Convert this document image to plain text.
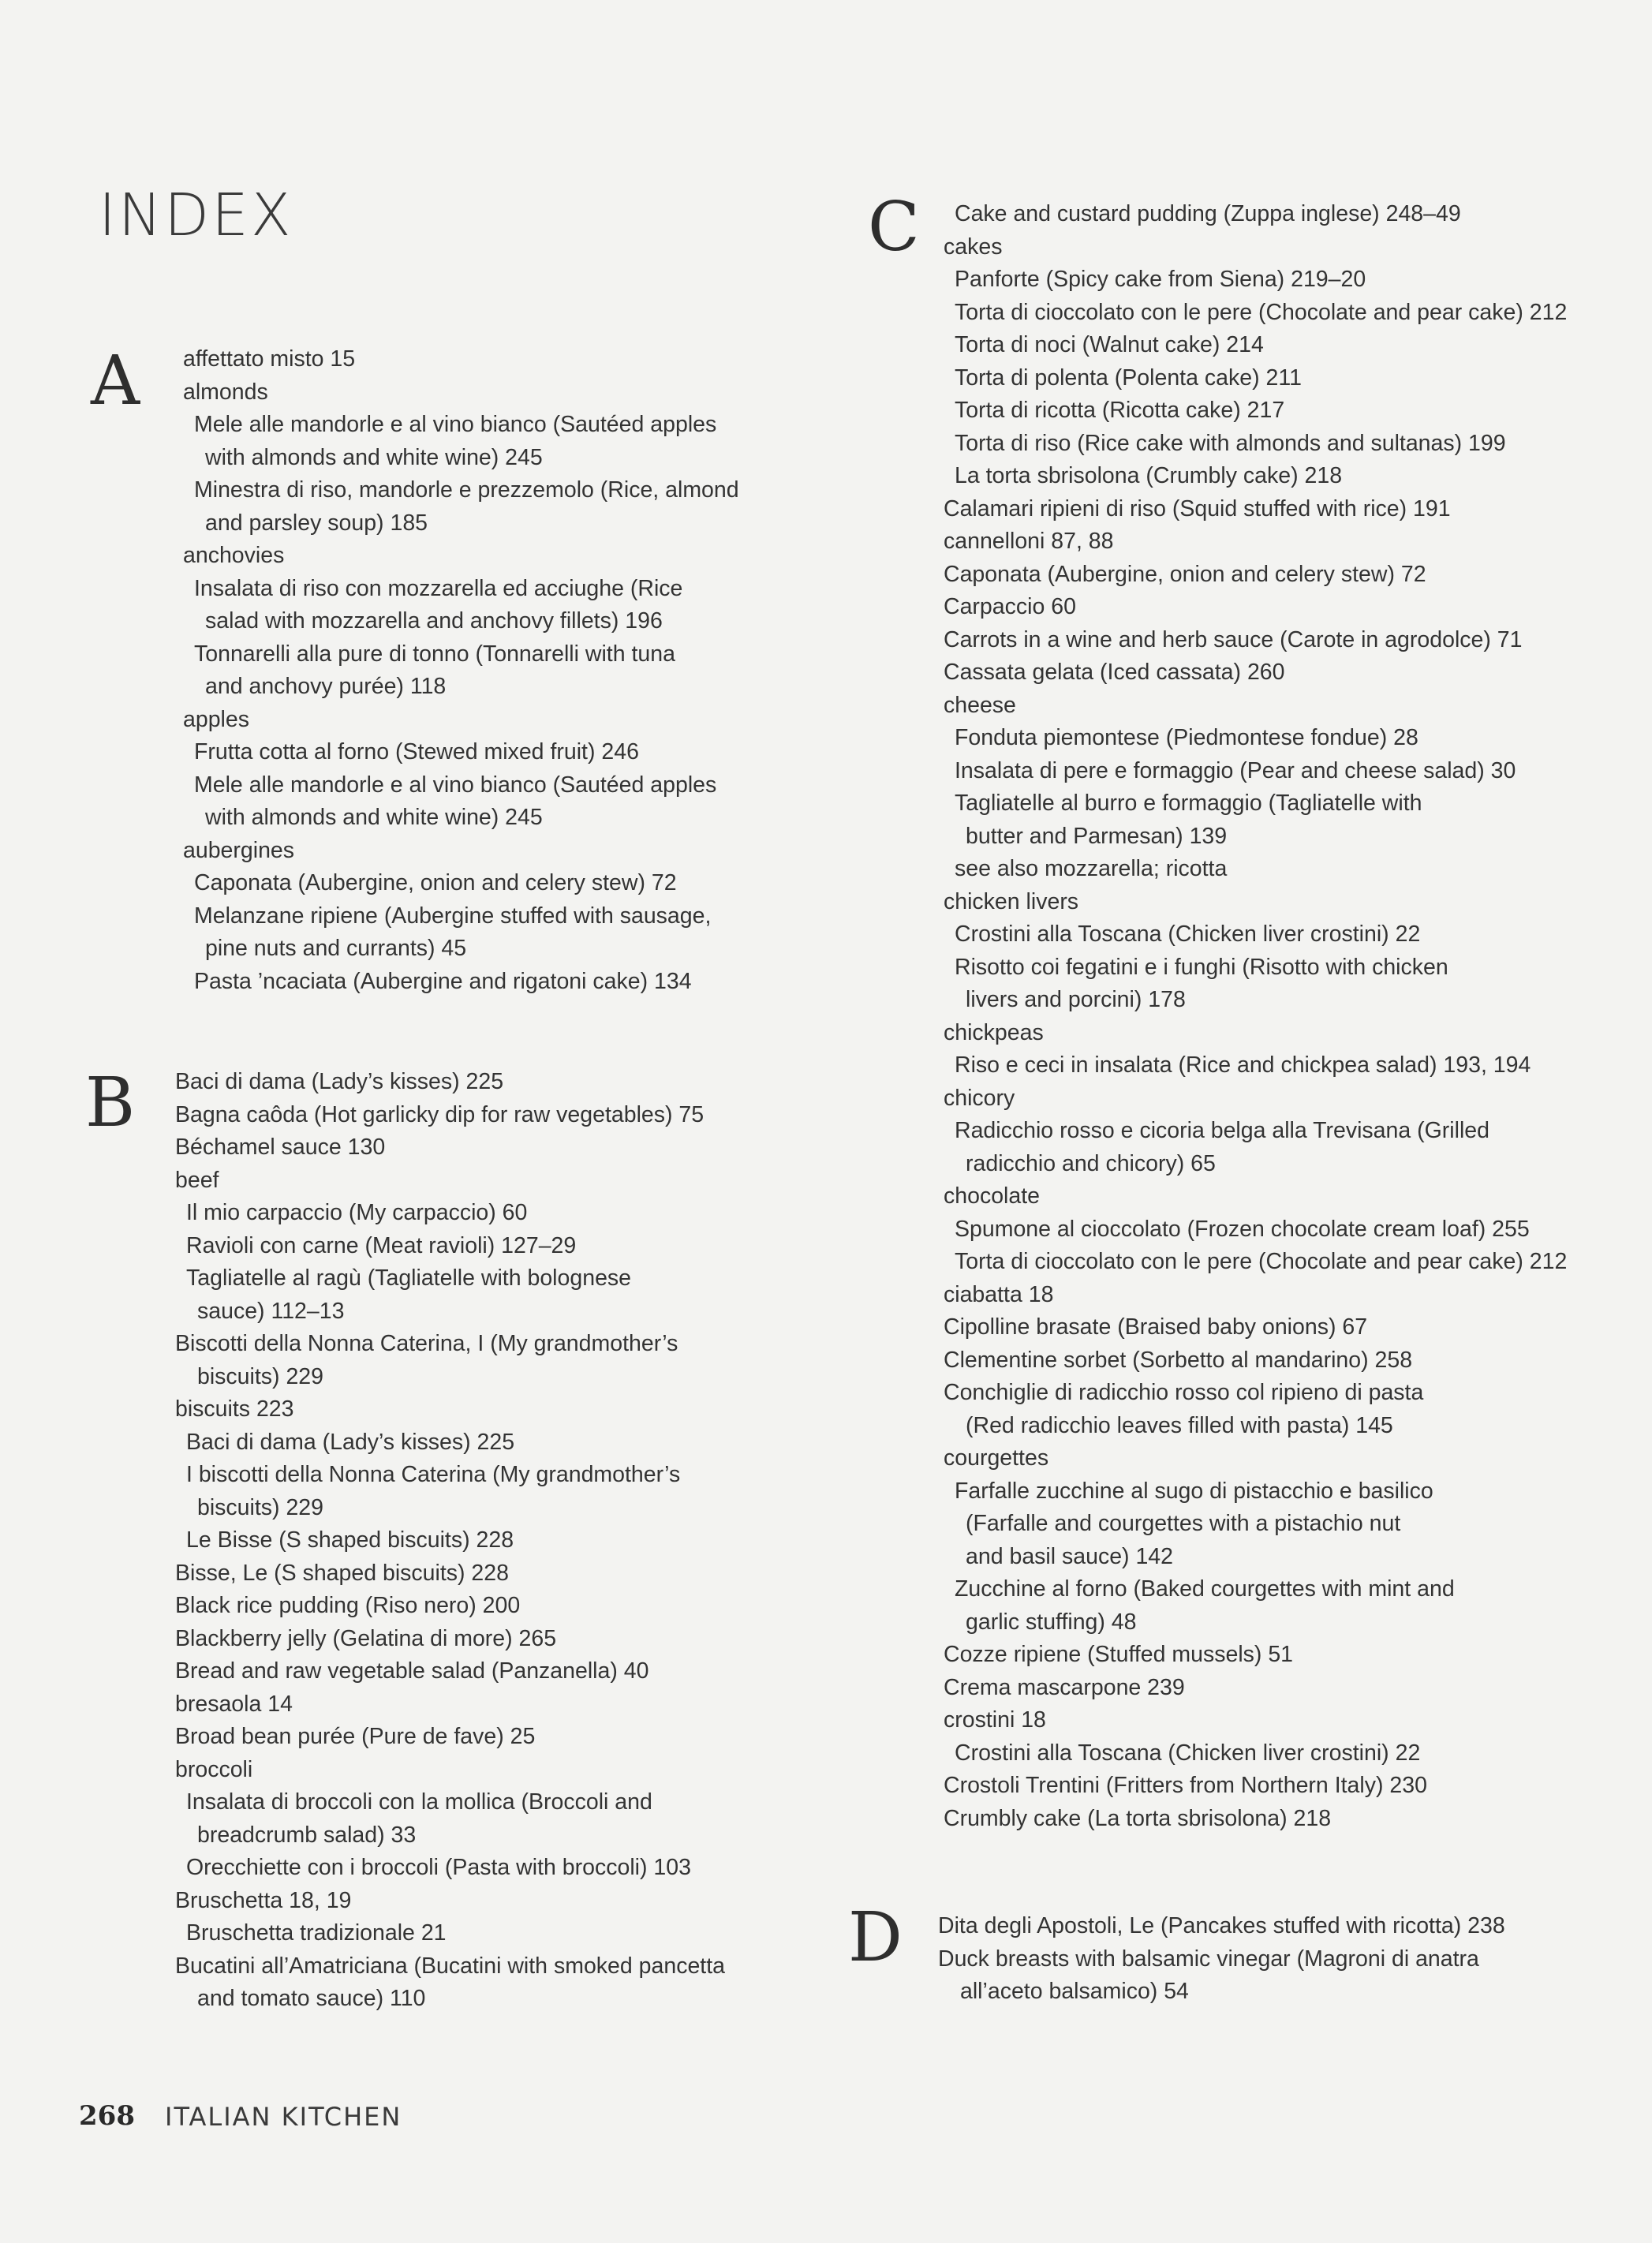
INDEX
A affettato misto 15
almonds
Mele alle mandorle e al vino bianco (Sautéed apples
with almonds and white wine) 245
Minestra di riso, mandorle e prezzemolo (Rice, almond
and parsley soup) 185
anchovies
Insalata di riso con mozzarella ed acciughe (Rice
salad with mozzarella and anchovy fillets) 196
Tonnarelli alla pure di tonno (Tonnarelli with tuna
and anchovy purée) 118
apples
Frutta cotta al forno (Stewed mixed fruit) 246
Mele alle mandorle e al vino bianco (Sautéed apples
with almonds and white wine) 245
aubergines
Caponata (Aubergine, onion and celery stew) 72
Melanzane ripiene (Aubergine stuffed with sausage,
pine nuts and currants) 45
Pasta ’ncaciata (Aubergine and rigatoni cake) 134
B Baci di dama (Lady’s kisses) 225
Bagna caôda (Hot garlicky dip for raw vegetables) 75
Béchamel sauce 130
beef
Il mio carpaccio (My carpaccio) 60
Ravioli con carne (Meat ravioli) 127–29
Tagliatelle al ragù (Tagliatelle with bolognese
sauce) 112–13
Biscotti della Nonna Caterina, I (My grandmother’s
biscuits) 229
biscuits 223
Baci di dama (Lady’s kisses) 225
I biscotti della Nonna Caterina (My grandmother’s
biscuits) 229
Le Bisse (S shaped biscuits) 228
Bisse, Le (S shaped biscuits) 228
Black rice pudding (Riso nero) 200
Blackberry jelly (Gelatina di more) 265
Bread and raw vegetable salad (Panzanella) 40
bresaola 14
Broad bean purée (Pure de fave) 25
broccoli
Insalata di broccoli con la mollica (Broccoli and
breadcrumb salad) 33
Orecchiette con i broccoli (Pasta with broccoli) 103
Bruschetta 18, 19
Bruschetta tradizionale 21
Bucatini all’Amatriciana (Bucatini with smoked pancetta
and tomato sauce) 110
C	Cake and custard pudding (Zuppa inglese) 248–49
cakes
Panforte (Spicy cake from Siena) 219–20
Torta di cioccolato con le pere (Chocolate and pear cake) 212
Torta di noci (Walnut cake) 214
Torta di polenta (Polenta cake) 211
Torta di ricotta (Ricotta cake) 217
Torta di riso (Rice cake with almonds and sultanas) 199
La torta sbrisolona (Crumbly cake) 218
Calamari ripieni di riso (Squid stuffed with rice) 191
cannelloni 87, 88
Caponata (Aubergine, onion and celery stew) 72
Carpaccio 60
Carrots in a wine and herb sauce (Carote in agrodolce) 71
Cassata gelata (Iced cassata) 260
cheese
Fonduta piemontese (Piedmontese fondue) 28
Insalata di pere e formaggio (Pear and cheese salad) 30
Tagliatelle al burro e formaggio (Tagliatelle with
butter and Parmesan) 139
see also mozzarella; ricotta
chicken livers
Crostini alla Toscana (Chicken liver crostini) 22
Risotto coi fegatini e i funghi (Risotto with chicken
livers and porcini) 178
chickpeas
Riso e ceci in insalata (Rice and chickpea salad) 193, 194
chicory
Radicchio rosso e cicoria belga alla Trevisana (Grilled
radicchio and chicory) 65
chocolate
Spumone al cioccolato (Frozen chocolate cream loaf) 255
Torta di cioccolato con le pere (Chocolate and pear cake) 212
ciabatta 18
Cipolline brasate (Braised baby onions) 67
Clementine sorbet (Sorbetto al mandarino) 258
Conchiglie di radicchio rosso col ripieno di pasta
(Red radicchio leaves filled with pasta) 145
courgettes
Farfalle zucchine al sugo di pistacchio e basilico
(Farfalle and courgettes with a pistachio nut
and basil sauce) 142
Zucchine al forno (Baked courgettes with mint and
garlic stuffing) 48
Cozze ripiene (Stuffed mussels) 51
Crema mascarpone 239
crostini 18
Crostini alla Toscana (Chicken liver crostini) 22
Crostoli Trentini (Fritters from Northern Italy) 230
Crumbly cake (La torta sbrisolona) 218
D Dita degli Apostoli, Le (Pancakes stuffed with ricotta) 238
Duck breasts with balsamic vinegar (Magroni di anatra
all’aceto balsamico) 54
268 ITALIAN KITCHEN
